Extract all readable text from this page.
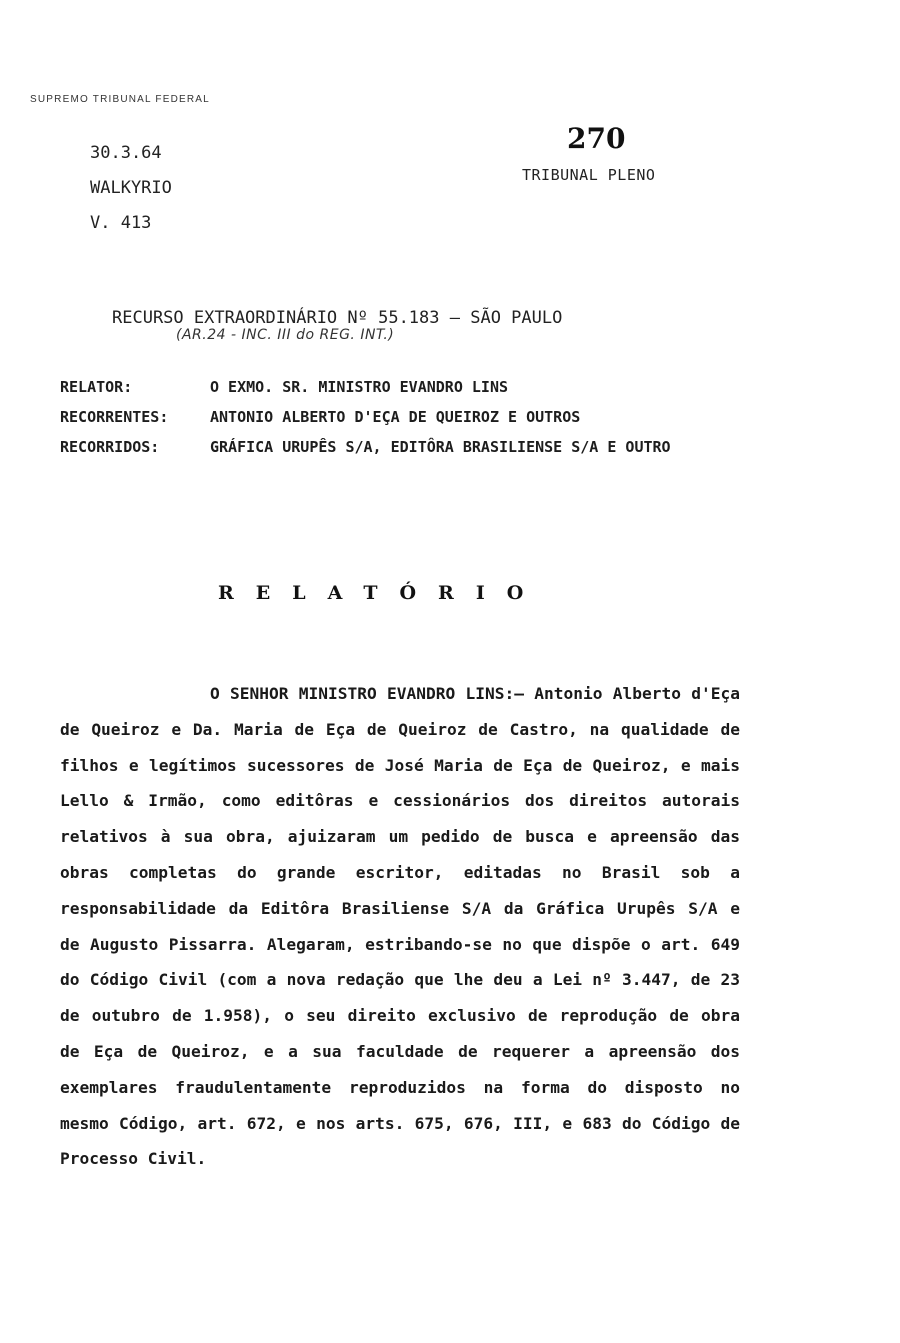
SUPREMO TRIBUNAL FEDERAL
30.3.64
WALKYRIO
V. 413
270
TRIBUNAL PLENO
RECURSO EXTRAORDINÁRIO Nº 55.183 — SÃO PAULO
(AR.24 - INC. III do REG. INT.)
RELATOR:	O EXMO. SR. MINISTRO EVANDRO LINS
RECORRENTES:	ANTONIO ALBERTO D'EÇA DE QUEIROZ E OUTROS
RECORRIDOS:	GRÁFICA URUPÊS S/A, EDITÔRA BRASILIENSE S/A E OUTRO
RELATÓRIO
O SENHOR MINISTRO EVANDRO LINS:— Antonio Alberto d'Eça de Queiroz e Da. Maria de Eça de Queiroz de Castro, na qualidade de filhos e legítimos sucessores de José Maria de Eça de Queiroz, e mais Lello & Irmão, como editôras e cessionários dos direitos autorais relativos à sua obra, ajuizaram um pedido de busca e apreensão das obras completas do grande escritor, editadas no Brasil sob a responsabilidade da Editôra Brasiliense S/A da Gráfica Urupês S/A e de Augusto Pissarra. Alegaram, estribando-se no que dispõe o art. 649 do Código Civil (com a nova redação que lhe deu a Lei nº 3.447, de 23 de outubro de 1.958), o seu direito exclusivo de reprodução de obra de Eça de Queiroz, e a sua faculdade de requerer a apreensão dos exemplares fraudulentamente reproduzidos na forma do disposto no mesmo Código, art. 672, e nos arts. 675, 676, III, e 683 do Código de Processo Civil.
